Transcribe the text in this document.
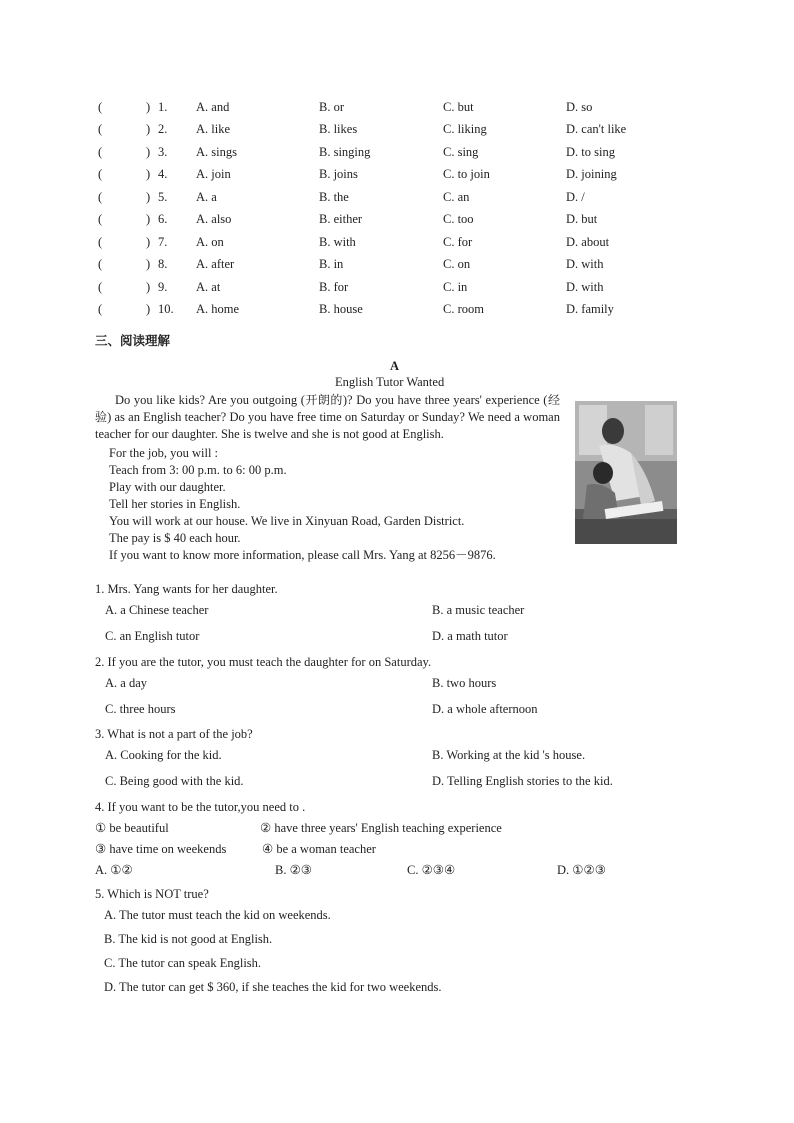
(	) 1. A. and	B. or	C. but	D. so
(	) 2. A. like	B. likes	C. liking	D. can't like
(	) 3. A. sings	B. singing	C. sing	D. to sing
(	) 4. A. join	B. joins	C. to join	D. joining
(	) 5. A. a	B. the	C. an	D. /
(	) 6. A. also	B. either	C. too	D. but
(	) 7. A. on	B. with	C. for	D. about
(	) 8. A. after	B. in	C. on	D. with
(	) 9. A. at	B. for	C. in	D. with
(	) 10. A. home	B. house	C. room	D. family
三、阅读理解
A
English Tutor Wanted
Do you like kids? Are you outgoing (开朗的)? Do you have three years' experience (经验) as an English teacher? Do you have free time on Saturday or Sunday? We need a woman teacher for our daughter. She is twelve and she is not good at English.
For the job, you will :
Teach from 3: 00 p.m. to 6: 00 p.m.
Play with our daughter.
Tell her stories in English.
You will work at our house. We live in Xinyuan Road, Garden District.
The pay is $ 40 each hour.
If you want to know more information, please call Mrs. Yang at 8256－9876.
1. Mrs. Yang wants for her daughter.
A. a Chinese teacher	B. a music teacher
C. an English tutor	D. a math tutor
2. If you are the tutor, you must teach the daughter for on Saturday.
A. a day	B. two hours
C. three hours	D. a whole afternoon
3. What is not a part of the job?
A. Cooking for the kid.	B. Working at the kid 's house.
C. Being good with the kid.	D. Telling English stories to the kid.
4. If you want to be the tutor,you need to .
① be beautiful	② have three years' English teaching experience
③ have time on weekends	④ be a woman teacher
A. ①②	B. ②③	C. ②③④	D. ①②③
5. Which is NOT true?
A. The tutor must teach the kid on weekends.
B. The kid is not good at English.
C. The tutor can speak English.
D. The tutor can get $ 360, if she teaches the kid for two weekends.
